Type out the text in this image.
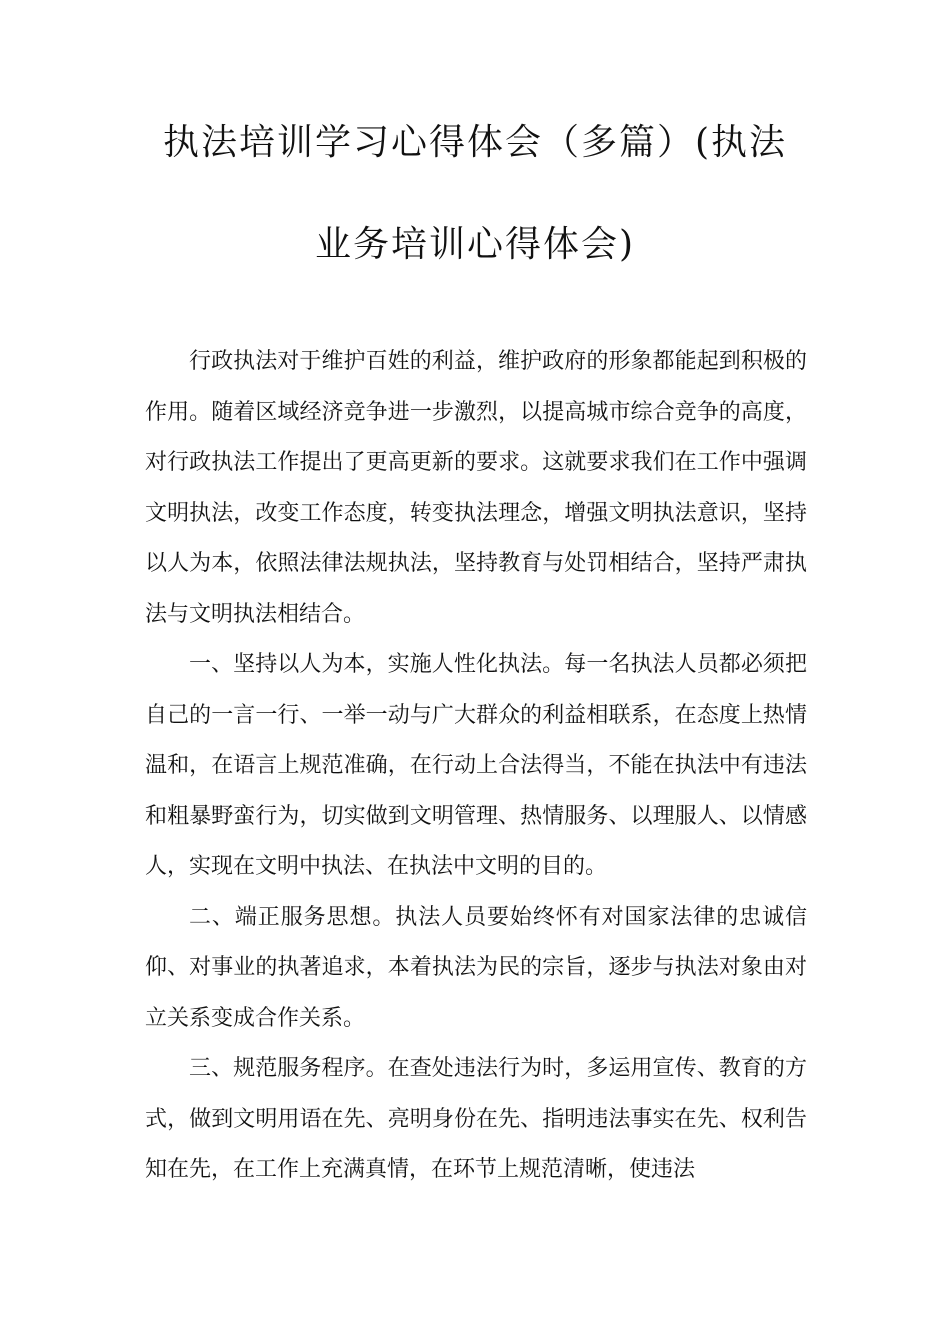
执法培训学习心得体会（多篇）(执法
业务培训心得体会)

行政执法对于维护百姓的利益，维护政府的形象都能起到积极的作用。随着区域经济竞争进一步激烈，以提高城市综合竞争的高度，对行政执法工作提出了更高更新的要求。这就要求我们在工作中强调文明执法，改变工作态度，转变执法理念，增强文明执法意识，坚持以人为本，依照法律法规执法，坚持教育与处罚相结合，坚持严肃执法与文明执法相结合。

一、坚持以人为本，实施人性化执法。每一名执法人员都必须把自己的一言一行、一举一动与广大群众的利益相联系，在态度上热情温和，在语言上规范准确，在行动上合法得当，不能在执法中有违法和粗暴野蛮行为，切实做到文明管理、热情服务、以理服人、以情感人，实现在文明中执法、在执法中文明的目的。

二、端正服务思想。执法人员要始终怀有对国家法律的忠诚信仰、对事业的执著追求，本着执法为民的宗旨，逐步与执法对象由对立关系变成合作关系。

三、规范服务程序。在查处违法行为时，多运用宣传、教育的方式，做到文明用语在先、亮明身份在先、指明违法事实在先、权利告知在先，在工作上充满真情，在环节上规范清晰，使违法
